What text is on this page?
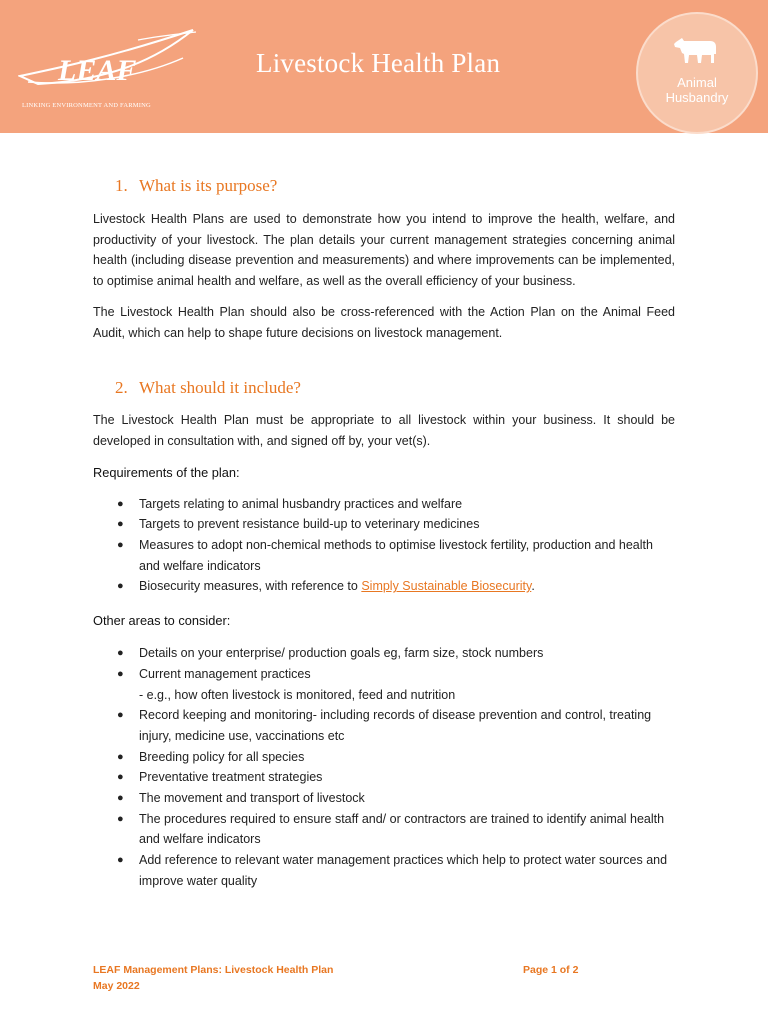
LEAF
LINKING ENVIRONMENT AND FARMING
Livestock Health Plan
Animal
Husbandry
1. What is its purpose?

Livestock Health Plans are used to demonstrate how you intend to improve the health, welfare, and productivity of your livestock. The plan details your current management strategies concerning animal health (including disease prevention and measurements) and where improvements can be implemented, to optimise animal health and welfare, as well as the overall efficiency of your business.

The Livestock Health Plan should also be cross-referenced with the Action Plan on the Animal Feed Audit, which can help to shape future decisions on livestock management.

2. What should it include?

The Livestock Health Plan must be appropriate to all livestock within your business. It should be developed in consultation with, and signed off by, your vet(s).

Requirements of the plan:
● Targets relating to animal husbandry practices and welfare
● Targets to prevent resistance build-up to veterinary medicines
● Measures to adopt non-chemical methods to optimise livestock fertility, production and health and welfare indicators
● Biosecurity measures, with reference to Simply Sustainable Biosecurity.
Other areas to consider:
● Details on your enterprise/ production goals eg, farm size, stock numbers
● Current management practices
- e.g., how often livestock is monitored, feed and nutrition
● Record keeping and monitoring- including records of disease prevention and control, treating injury, medicine use, vaccinations etc
● Breeding policy for all species
● Preventative treatment strategies
● The movement and transport of livestock
● The procedures required to ensure staff and/ or contractors are trained to identify animal health and welfare indicators
● Add reference to relevant water management practices which help to protect water sources and improve water quality
LEAF Management Plans: Livestock Health Plan
May 2022
Page 1 of 2
